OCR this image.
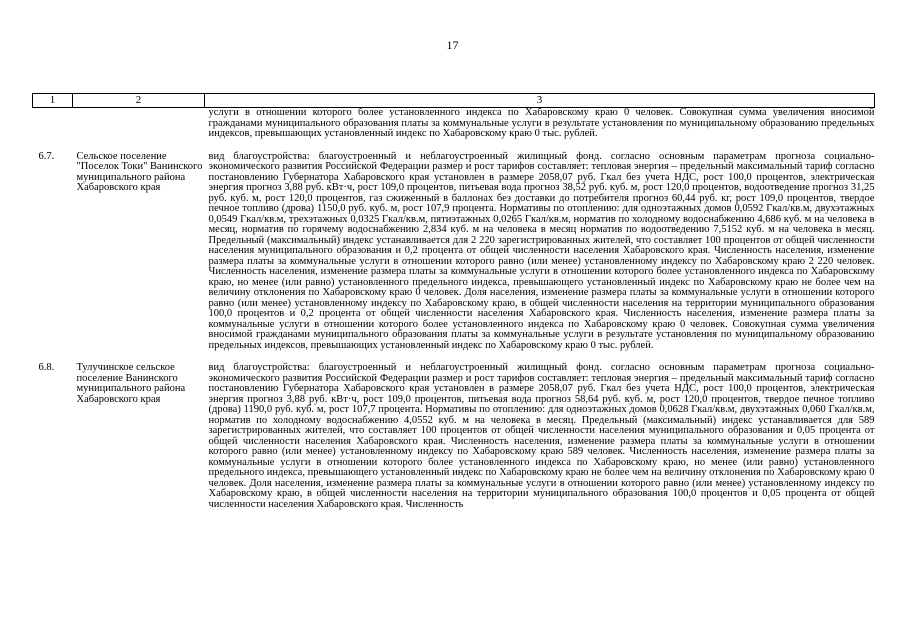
17
1	2	3
		услуги в отношении которого более установленного индекса по Хабаровскому краю 0 человек. Совокупная сумма увеличения вносимой гражданами муниципального образования платы за коммунальные услуги в результате установления по муниципальному образованию предельных индексов, превышающих установленный индекс по Хабаровскому краю 0 тыс. рублей.
6.7.	Сельское поселение "Поселок Токи" Ванинского муниципального района Хабаровского края	вид благоустройства: благоустроенный и неблагоустроенный жилищный фонд. согласно основным параметрам прогноза социально-экономического развития Российской Федерации размер и рост тарифов составляет: тепловая энергия – предельный максимальный тариф согласно постановлению Губернатора Хабаровского края установлен в размере 2058,07 руб. Гкал без учета НДС, рост 100,0 процентов, электрическая энергия прогноз 3,88 руб. кВт·ч, рост 109,0 процентов, питьевая вода прогноз 38,52 руб. куб. м, рост 120,0 процентов, водоотведение прогноз 31,25 руб. куб. м, рост 120,0 процентов, газ сжиженный в баллонах без доставки до потребителя прогноз 60,44 руб. кг, рост 109,0 процентов, твердое печное топливо (дрова) 1150,0 руб. куб. м, рост 107,9 процента. Нормативы по отоплению: для одноэтажных домов 0,0592 Гкал/кв.м, двухэтажных 0,0549 Гкал/кв.м, трехэтажных 0,0325 Гкал/кв.м, пятиэтажных 0,0265 Гкал/кв.м, норматив по холодному водоснабжению 4,686 куб. м на человека в месяц, норматив по горячему водоснабжению 2,834 куб. м на человека в месяц норматив по водоотведению 7,5152 куб. м на человека в месяц. Предельный (максимальный) индекс устанавливается для 2 220 зарегистрированных жителей, что составляет 100 процентов от общей численности населения муниципального образования и 0,2 процента от общей численности населения Хабаровского края. Численность населения, изменение размера платы за коммунальные услуги в отношении которого равно (или менее) установленному индексу по Хабаровскому краю 2 220 человек. Численность населения, изменение размера платы за коммунальные услуги в отношении которого более установленного индекса по Хабаровскому краю, но менее (или равно) установленного предельного индекса, превышающего установленный индекс по Хабаровскому краю не более чем на величину отклонения по Хабаровскому краю 0 человек. Доля населения, изменение размера платы за коммунальные услуги в отношении которого равно (или менее) установленному индексу по Хабаровскому краю, в общей численности населения на территории муниципального образования 100,0 процентов и 0,2 процента от общей численности населения Хабаровского края. Численность населения, изменение размера платы за коммунальные услуги в отношении которого более установленного индекса по Хабаровскому краю 0 человек. Совокупная сумма увеличения вносимой гражданами муниципального образования платы за коммунальные услуги в результате установления по муниципальному образованию предельных индексов, превышающих установленный индекс по Хабаровскому краю 0 тыс. рублей.
6.8.	Тулучинское сельское поселение Ванинского муниципального района Хабаровского края	вид благоустройства: благоустроенный и неблагоустроенный жилищный фонд. согласно основным параметрам прогноза социально-экономического развития Российской Федерации размер и рост тарифов составляет: тепловая энергия – предельный максимальный тариф согласно постановлению Губернатора Хабаровского края установлен в размере 2058,07 руб. Гкал без учета НДС, рост 100,0 процентов, электрическая энергия прогноз 3,88 руб. кВт·ч, рост 109,0 процентов, питьевая вода прогноз 58,64 руб. куб. м, рост 120,0 процентов, твердое печное топливо (дрова) 1190,0 руб. куб. м, рост 107,7 процента. Нормативы по отоплению: для одноэтажных домов 0,0628 Гкал/кв.м, двухэтажных 0,060 Гкал/кв.м, норматив по холодному водоснабжению 4,0552 куб. м на человека в месяц. Предельный (максимальный) индекс устанавливается для 589 зарегистрированных жителей, что составляет 100 процентов от общей численности населения муниципального образования и 0,05 процента от общей численности населения Хабаровского края. Численность населения, изменение размера платы за коммунальные услуги в отношении которого равно (или менее) установленному индексу по Хабаровскому краю 589 человек. Численность населения, изменение размера платы за коммунальные услуги в отношении которого более установленного индекса по Хабаровскому краю, но менее (или равно) установленного предельного индекса, превышающего установленный индекс по Хабаровскому краю не более чем на величину отклонения по Хабаровскому краю 0 человек. Доля населения, изменение размера платы за коммунальные услуги в отношении которого равно (или менее) установленному индексу по Хабаровскому краю, в общей численности населения на территории муниципального образования 100,0 процентов и 0,05 процента от общей численности населения Хабаровского края. Численность
